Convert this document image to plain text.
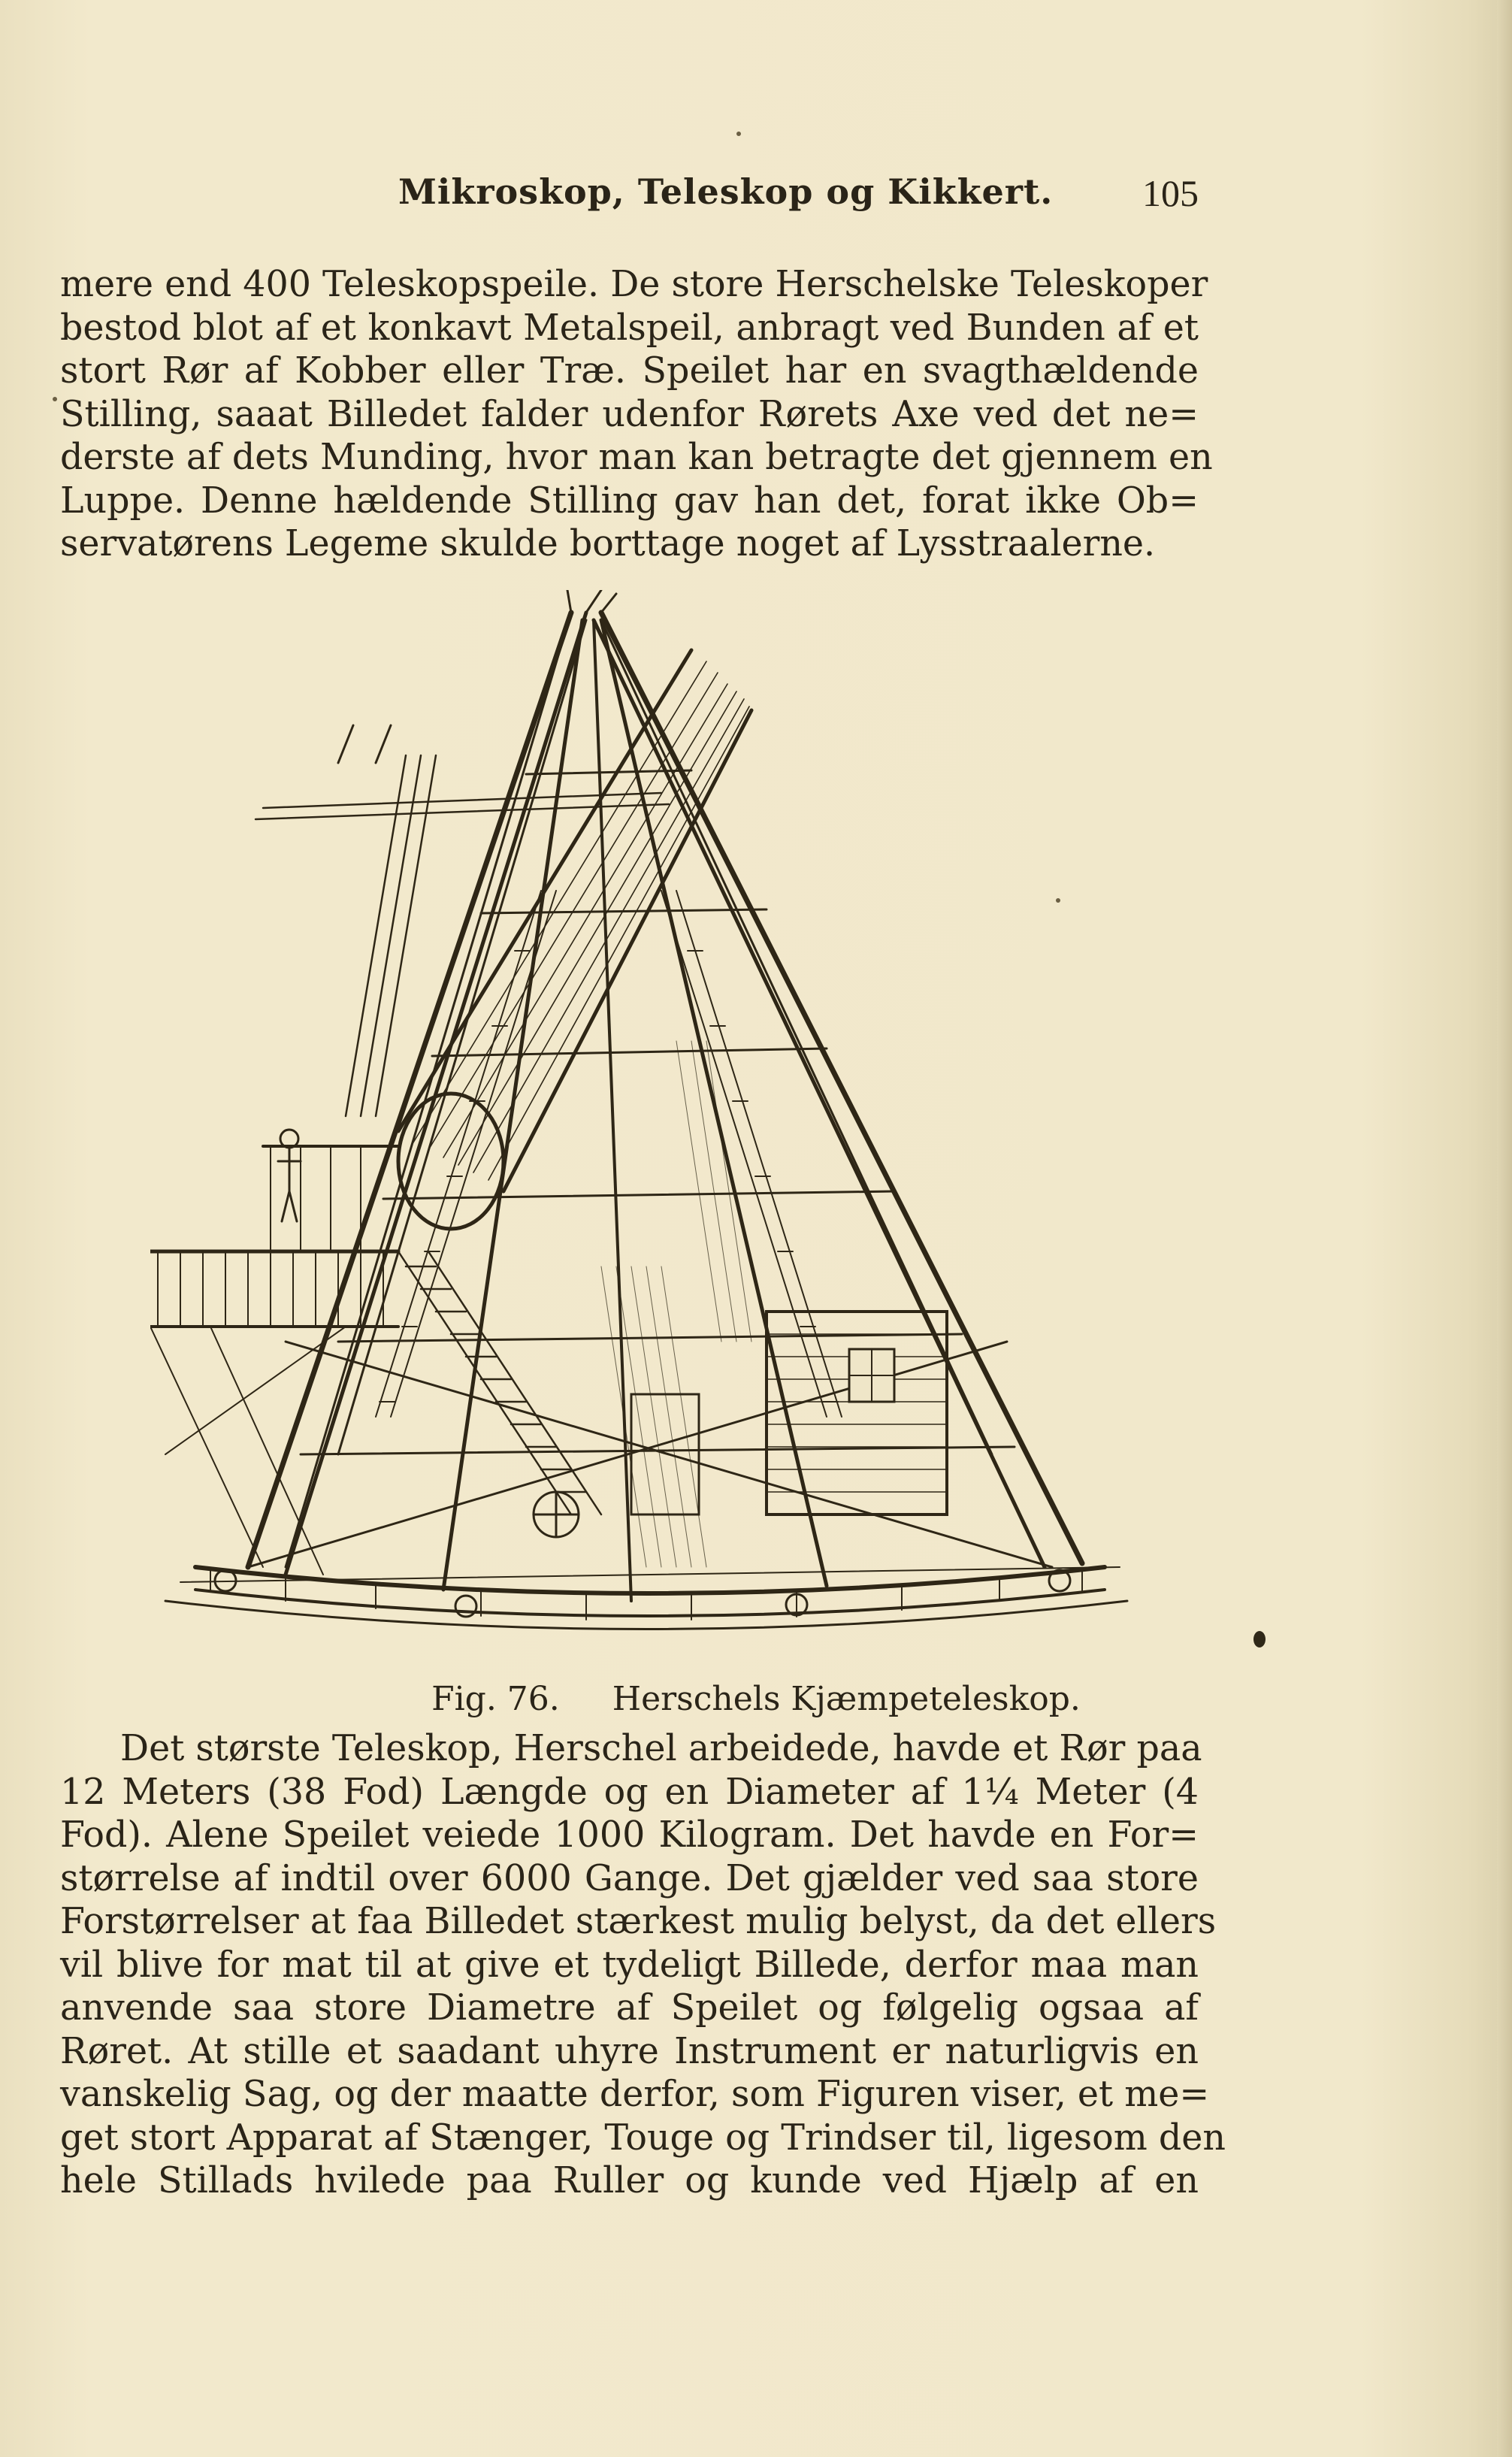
Mikroskop, Teleskop og Kikkert. 105
mere end 400 Teleskopspeile. De store Herschelske Teleskoper
bestod blot af et konkavt Metalspeil, anbragt ved Bunden af et
stort Rør af Kobber eller Træ. Speilet har en svagthældende
Stilling, saaat Billedet falder udenfor Rørets Axe ved det ne=
derste af dets Munding, hvor man kan betragte det gjennem en
Luppe. Denne hældende Stilling gav han det, forat ikke Ob=
servatørens Legeme skulde borttage noget af Lysstraalerne.
Fig. 76. Herschels Kjæmpeteleskop.
Det største Teleskop, Herschel arbeidede, havde et Rør paa
12 Meters (38 Fod) Længde og en Diameter af 1¼ Meter (4
Fod). Alene Speilet veiede 1000 Kilogram. Det havde en For=
størrelse af indtil over 6000 Gange. Det gjælder ved saa store
Forstørrelser at faa Billedet stærkest mulig belyst, da det ellers
vil blive for mat til at give et tydeligt Billede, derfor maa man
anvende saa store Diametre af Speilet og følgelig ogsaa af
Røret. At stille et saadant uhyre Instrument er naturligvis en
vanskelig Sag, og der maatte derfor, som Figuren viser, et me=
get stort Apparat af Stænger, Touge og Trindser til, ligesom den
hele Stillads hvilede paa Ruller og kunde ved Hjælp af en
